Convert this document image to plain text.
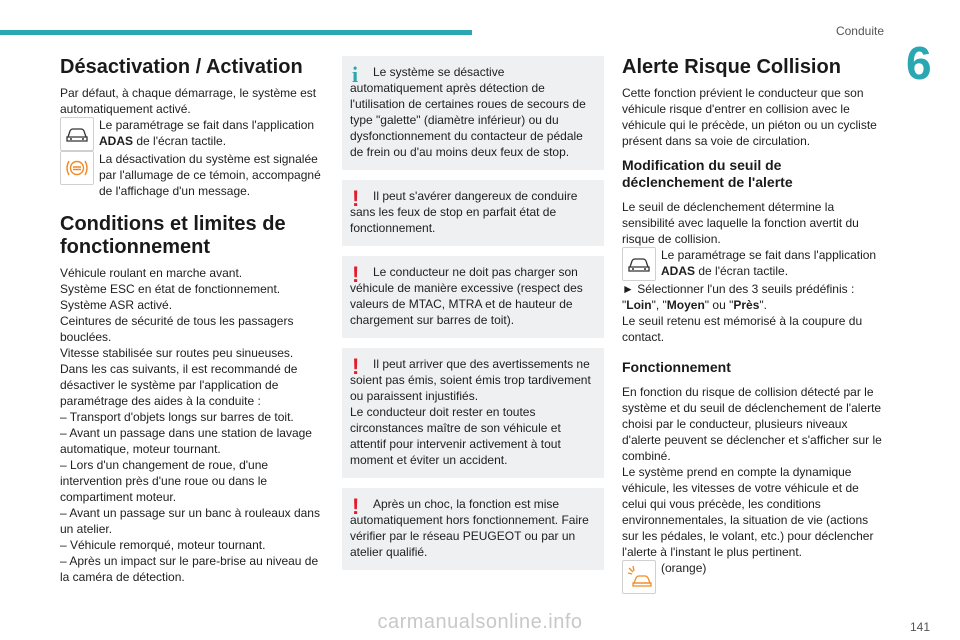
Conduite
6
Désactivation / Activation

Par défaut, à chaque démarrage, le système est automatiquement activé.

Le paramétrage se fait dans l'application ADAS de l'écran tactile.

La désactivation du système est signalée par l'allumage de ce témoin, accompagné de l'affichage d'un message.

Conditions et limites de fonctionnement

Véhicule roulant en marche avant.

Système ESC en état de fonctionnement.

Système ASR activé.

Ceintures de sécurité de tous les passagers bouclées.

Vitesse stabilisée sur routes peu sinueuses.

Dans les cas suivants, il est recommandé de désactiver le système par l'application de paramétrage des aides à la conduite :

– Transport d'objets longs sur barres de toit.

– Avant un passage dans une station de lavage automatique, moteur tournant.

– Lors d'un changement de roue, d'une intervention près d'une roue ou dans le compartiment moteur.

– Avant un passage sur un banc à rouleaux dans un atelier.

– Véhicule remorqué, moteur tournant.

– Après un impact sur le pare-brise au niveau de la caméra de détection.

i	Le système se désactive automatiquement après détection de l'utilisation de certaines roues de secours de type "galette" (diamètre inférieur) ou du dysfonctionnement du contacteur de pédale de frein ou d'au moins deux feux de stop.

!	Il peut s'avérer dangereux de conduire sans les feux de stop en parfait état de fonctionnement.

!	Le conducteur ne doit pas charger son véhicule de manière excessive (respect des valeurs de MTAC, MTRA et de hauteur de chargement sur barres de toit).

!	Il peut arriver que des avertissements ne soient pas émis, soient émis trop tardivement ou paraissent injustifiés.

Le conducteur doit rester en toutes circonstances maître de son véhicule et attentif pour intervenir activement à tout moment et éviter un accident.

!	Après un choc, la fonction est mise automatiquement hors fonctionnement. Faire vérifier par le réseau PEUGEOT ou par un atelier qualifié.

Alerte Risque Collision

Cette fonction prévient le conducteur que son véhicule risque d'entrer en collision avec le véhicule qui le précède, un piéton ou un cycliste présent dans sa voie de circulation.

Modification du seuil de déclenchement de l'alerte

Le seuil de déclenchement détermine la sensibilité avec laquelle la fonction avertit du risque de collision.

Le paramétrage se fait dans l'application ADAS de l'écran tactile.

► Sélectionner l'un des 3 seuils prédéfinis : "Loin", "Moyen" ou "Près".

Le seuil retenu est mémorisé à la coupure du contact.

Fonctionnement

En fonction du risque de collision détecté par le système et du seuil de déclenchement de l'alerte choisi par le conducteur, plusieurs niveaux d'alerte peuvent se déclencher et s'afficher sur le combiné.

Le système prend en compte la dynamique véhicule, les vitesses de votre véhicule et de celui qui vous précède, les conditions environnementales, la situation de vie (actions sur les pédales, le volant, etc.) pour déclencher l'alerte à l'instant le plus pertinent.

(orange)

carmanualsonline.info	141
